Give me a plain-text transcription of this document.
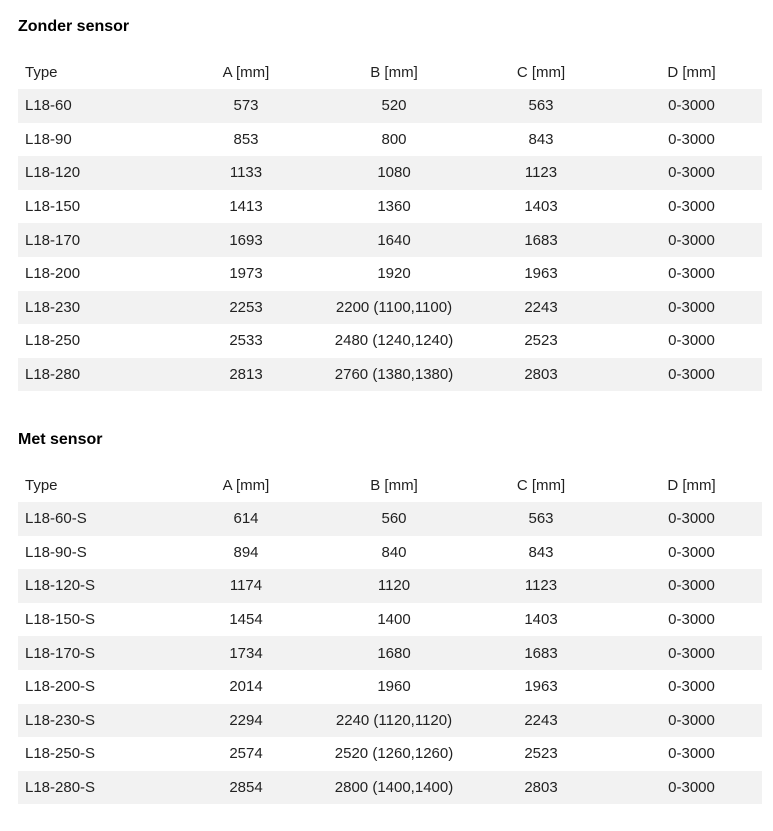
Zonder sensor
Type	A [mm]	B [mm]	C [mm]	D [mm]
L18-60	573	520	563	0-3000
L18-90	853	800	843	0-3000
L18-120	1133	1080	1123	0-3000
L18-150	1413	1360	1403	0-3000
L18-170	1693	1640	1683	0-3000
L18-200	1973	1920	1963	0-3000
L18-230	2253	2200 (1100,1100)	2243	0-3000
L18-250	2533	2480 (1240,1240)	2523	0-3000
L18-280	2813	2760 (1380,1380)	2803	0-3000
Met sensor
Type	A [mm]	B [mm]	C [mm]	D [mm]
L18-60-S	614	560	563	0-3000
L18-90-S	894	840	843	0-3000
L18-120-S	1174	1120	1123	0-3000
L18-150-S	1454	1400	1403	0-3000
L18-170-S	1734	1680	1683	0-3000
L18-200-S	2014	1960	1963	0-3000
L18-230-S	2294	2240 (1120,1120)	2243	0-3000
L18-250-S	2574	2520 (1260,1260)	2523	0-3000
L18-280-S	2854	2800 (1400,1400)	2803	0-3000
